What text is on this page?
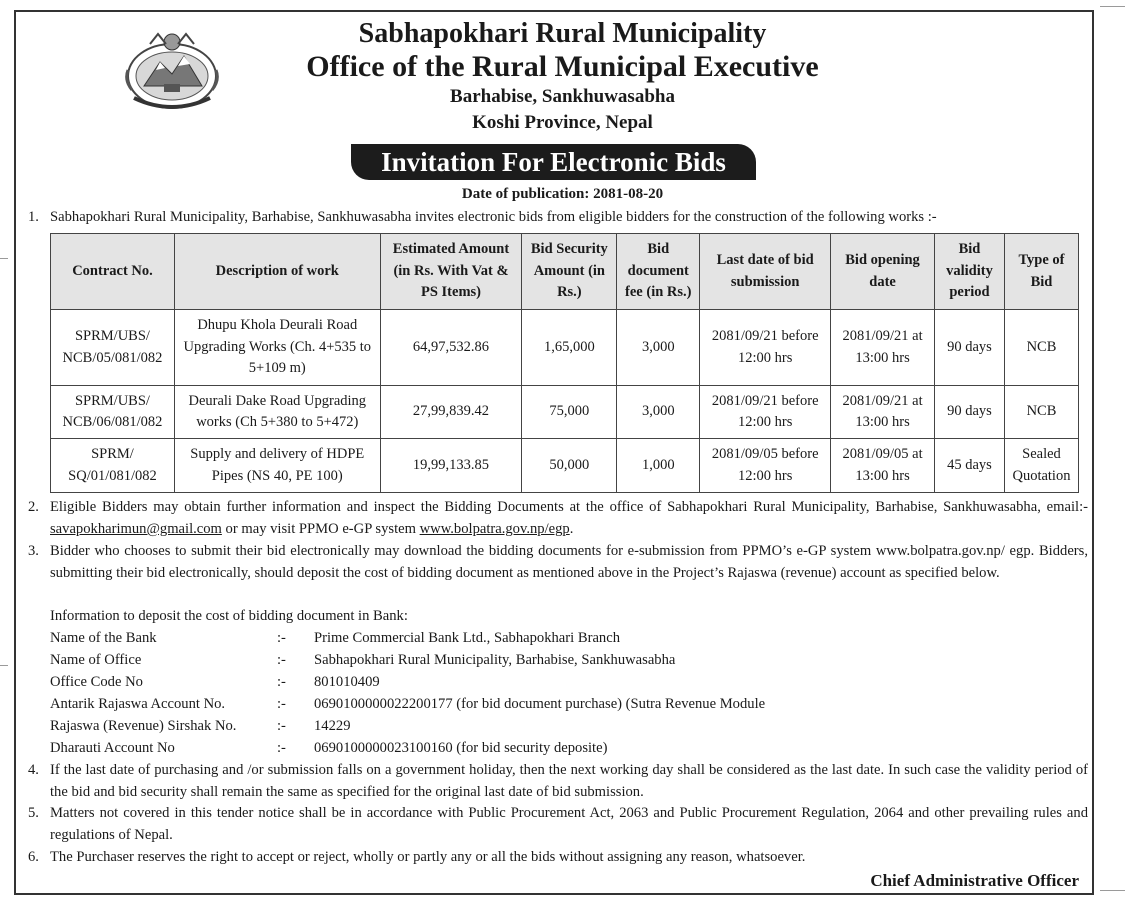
Sabhapokhari Rural Municipality
Office of the Rural Municipal Executive
Barhabise, Sankhuwasabha
Koshi Province, Nepal
Invitation For Electronic Bids
Date of publication: 2081-08-20
1. Sabhapokhari Rural Municipality, Barhabise, Sankhuwasabha invites electronic bids from eligible bidders for the construction of the following works :-
Contract No.	Description of work	Estimated Amount (in Rs. With Vat & PS Items)	Bid Security Amount (in Rs.)	Bid document fee (in Rs.)	Last date of bid submission	Bid opening date	Bid validity period	Type of Bid
SPRM/UBS/ NCB/05/081/082	Dhupu Khola Deurali Road Upgrading Works (Ch. 4+535 to 5+109 m)	64,97,532.86	1,65,000	3,000	2081/09/21 before 12:00 hrs	2081/09/21 at 13:00 hrs	90 days	NCB
SPRM/UBS/ NCB/06/081/082	Deurali Dake Road Upgrading works (Ch 5+380 to 5+472)	27,99,839.42	75,000	3,000	2081/09/21 before 12:00 hrs	2081/09/21 at 13:00 hrs	90 days	NCB
SPRM/ SQ/01/081/082	Supply and delivery of HDPE Pipes (NS 40, PE 100)	19,99,133.85	50,000	1,000	2081/09/05 before 12:00 hrs	2081/09/05 at 13:00 hrs	45 days	Sealed Quotation
2. Eligible Bidders may obtain further information and inspect the Bidding Documents at the office of Sabhapokhari Rural Municipality, Barhabise, Sankhuwasabha, email:- savapokharimun@gmail.com or may visit PPMO e-GP system www.bolpatra.gov.np/egp.
3. Bidder who chooses to submit their bid electronically may download the bidding documents for e-submission from PPMO’s e-GP system www.bolpatra.gov.np/ egp. Bidders, submitting their bid electronically, should deposit the cost of bidding document as mentioned above in the Project’s Rajaswa (revenue) account as specified below.
Information to deposit the cost of bidding document in Bank:
Name of the Bank	:-	Prime Commercial Bank Ltd., Sabhapokhari Branch
Name of Office	:-	Sabhapokhari Rural Municipality, Barhabise, Sankhuwasabha
Office Code No	:-	801010409
Antarik Rajaswa Account No.	:-	0690100000022200177 (for bid document purchase) (Sutra Revenue Module
Rajaswa (Revenue) Sirshak No.	:-	14229
Dharauti Account No	:-	0690100000023100160 (for bid security deposite)
4. If the last date of purchasing and /or submission falls on a government holiday, then the next working day shall be considered as the last date. In such case the validity period of the bid and bid security shall remain the same as specified for the original last date of bid submission.
5. Matters not covered in this tender notice shall be in accordance with Public Procurement Act, 2063 and Public Procurement Regulation, 2064 and other prevailing rules and regulations of Nepal.
6. The Purchaser reserves the right to accept or reject, wholly or partly any or all the bids without assigning any reason, whatsoever.
Chief Administrative Officer
